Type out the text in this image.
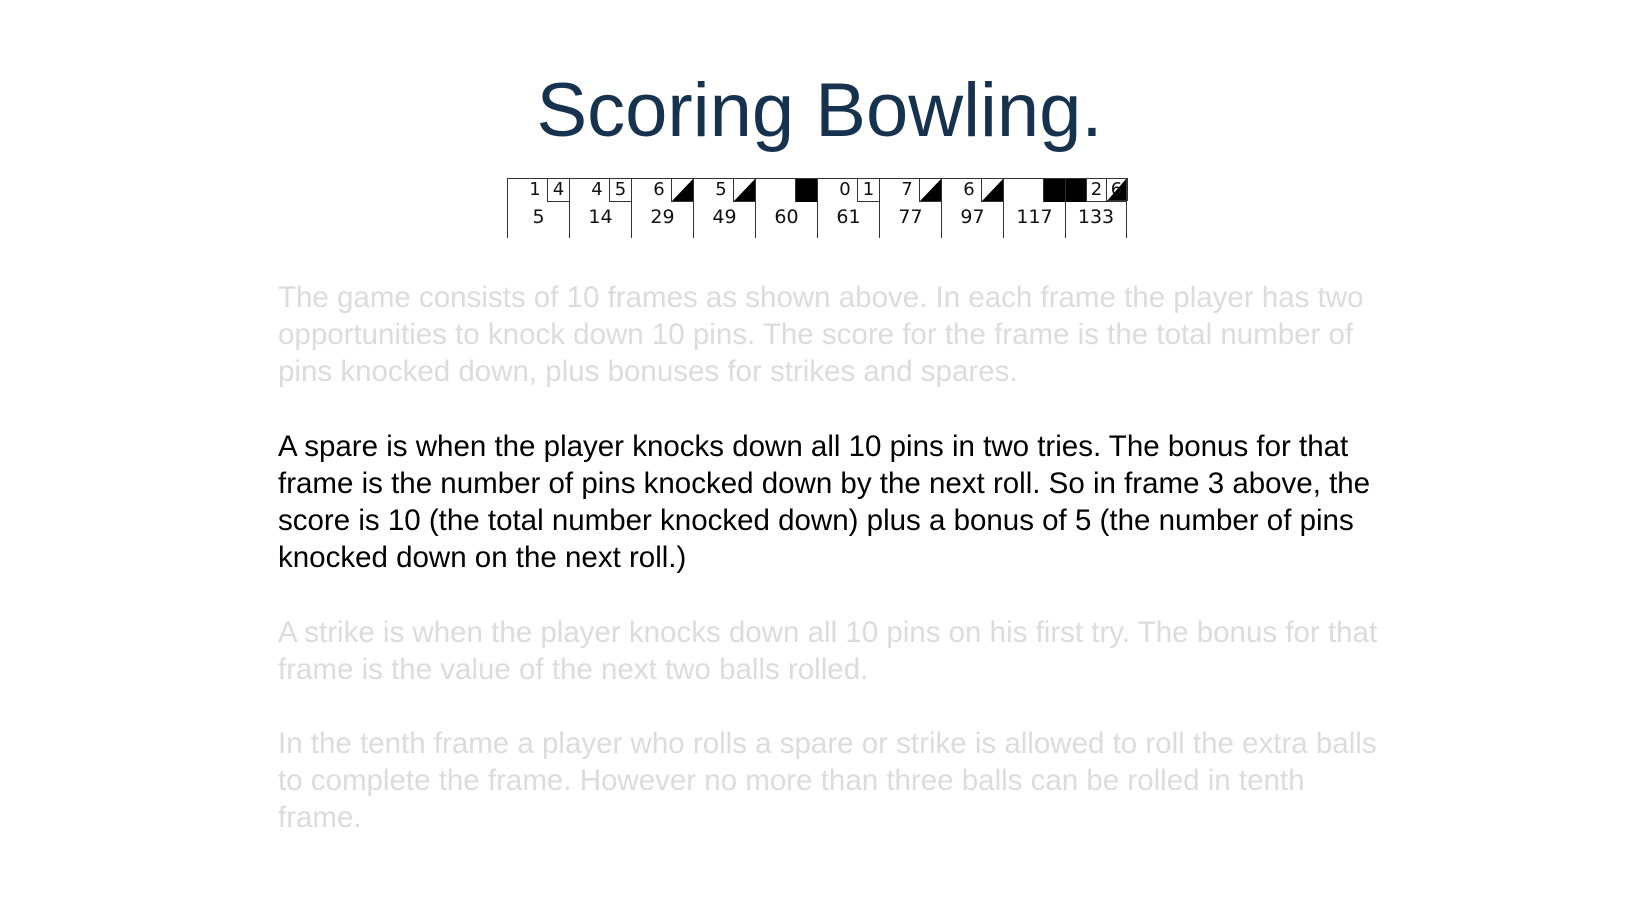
Scoring Bowling.
1 4
5
4 5
14
6
29
5
49	60
0 1
61
7
77
6
97	117
2
133
6

The game consists of 10 frames as shown above. In each frame the player has two opportunities to knock down 10 pins. The score for the frame is the total number of pins knocked down, plus bonuses for strikes and spares.

A spare is when the player knocks down all 10 pins in two tries. The bonus for that frame is the number of pins knocked down by the next roll. So in frame 3 above, the score is 10 (the total number knocked down) plus a bonus of 5 (the number of pins knocked down on the next roll.)

A strike is when the player knocks down all 10 pins on his first try. The bonus for that frame is the value of the next two balls rolled.

In the tenth frame a player who rolls a spare or strike is allowed to roll the extra balls to complete the frame. However no more than three balls can be rolled in tenth frame.
